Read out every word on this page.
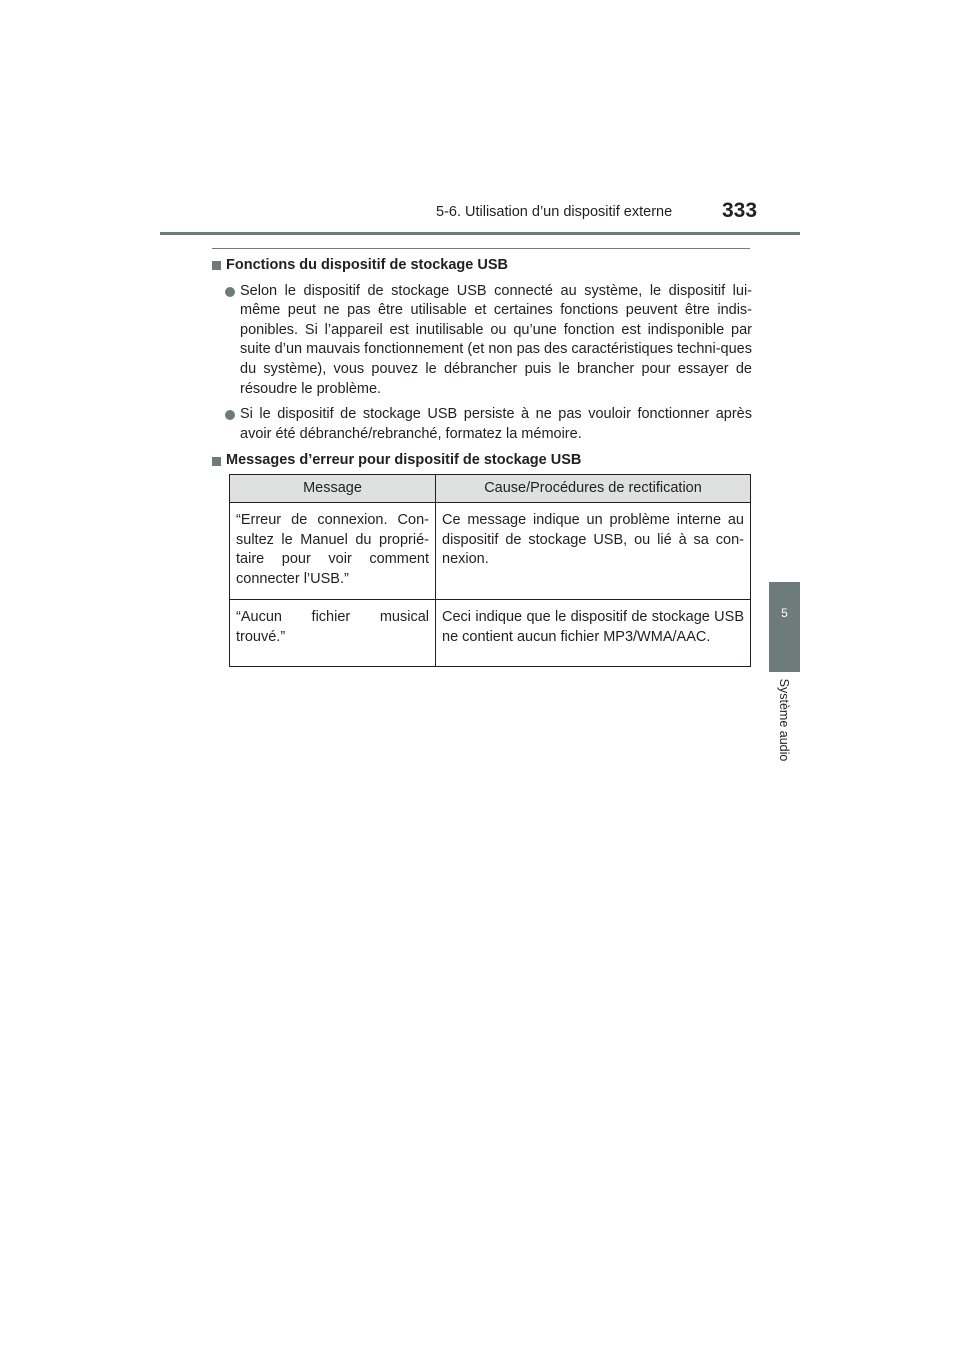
5-6. Utilisation d’un dispositif externe 333
5
Système audio
Fonctions du dispositif de stockage USB
Selon le dispositif de stockage USB connecté au système, le dispositif lui-même peut ne pas être utilisable et certaines fonctions peuvent être indis-ponibles. Si l’appareil est inutilisable ou qu’une fonction est indisponible par suite d’un mauvais fonctionnement (et non pas des caractéristiques techni-ques du système), vous pouvez le débrancher puis le brancher pour essayer de résoudre le problème.
Si le dispositif de stockage USB persiste à ne pas vouloir fonctionner après avoir été débranché/rebranché, formatez la mémoire.
Messages d’erreur pour dispositif de stockage USB
Message	Cause/Procédures de rectification
“Erreur de connexion. Con-sultez le Manuel du proprié-taire pour voir comment connecter l’USB.”	Ce message indique un problème interne au dispositif de stockage USB, ou lié à sa con-nexion.
“Aucun fichier musical trouvé.”	Ceci indique que le dispositif de stockage USB ne contient aucun fichier MP3/WMA/AAC.
